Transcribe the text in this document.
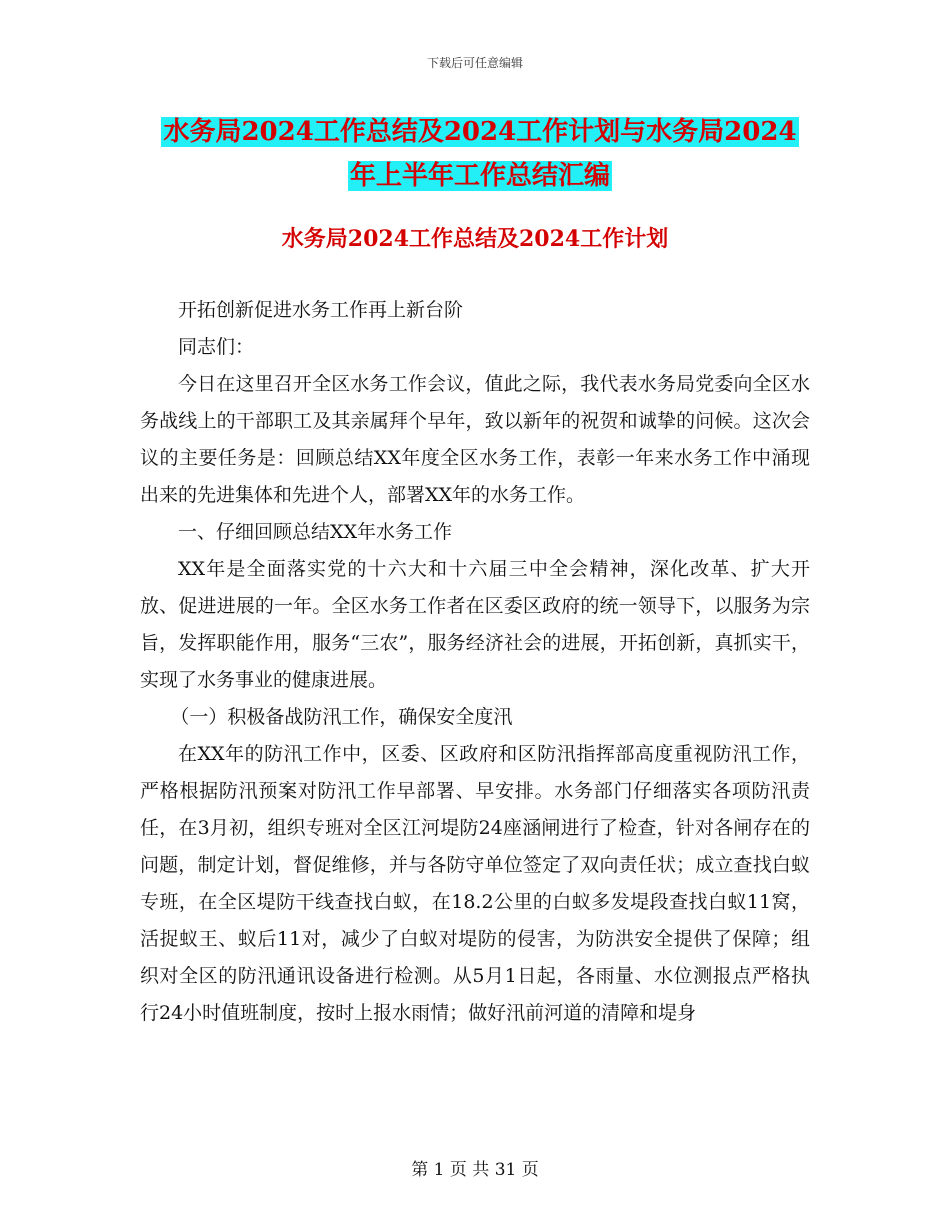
下载后可任意编辑
水务局2024工作总结及2024工作计划与水务局2024
年上半年工作总结汇编
水务局2024工作总结及2024工作计划

开拓创新促进水务工作再上新台阶

同志们：

今日在这里召开全区水务工作会议，值此之际，我代表水务局党委向全区水务战线上的干部职工及其亲属拜个早年，致以新年的祝贺和诚挚的问候。这次会议的主要任务是：回顾总结XX年度全区水务工作，表彰一年来水务工作中涌现出来的先进集体和先进个人，部署XX年的水务工作。

一、仔细回顾总结XX年水务工作

XX年是全面落实党的十六大和十六届三中全会精神，深化改革、扩大开放、促进进展的一年。全区水务工作者在区委区政府的统一领导下，以服务为宗旨，发挥职能作用，服务“三农”，服务经济社会的进展，开拓创新，真抓实干，实现了水务事业的健康进展。

（一）积极备战防汛工作，确保安全度汛

在XX年的防汛工作中，区委、区政府和区防汛指挥部高度重视防汛工作，严格根据防汛预案对防汛工作早部署、早安排。水务部门仔细落实各项防汛责任，在3月初，组织专班对全区江河堤防24座涵闸进行了检查，针对各闸存在的问题，制定计划，督促维修，并与各防守单位签定了双向责任状；成立查找白蚁专班，在全区堤防干线查找白蚁，在18.2公里的白蚁多发堤段查找白蚁11窝，活捉蚁王、蚁后11对，减少了白蚁对堤防的侵害，为防洪安全提供了保障；组织对全区的防汛通讯设备进行检测。从5月1日起，各雨量、水位测报点严格执行24小时值班制度，按时上报水雨情；做好汛前河道的清障和堤身

第 1 页 共 31 页
